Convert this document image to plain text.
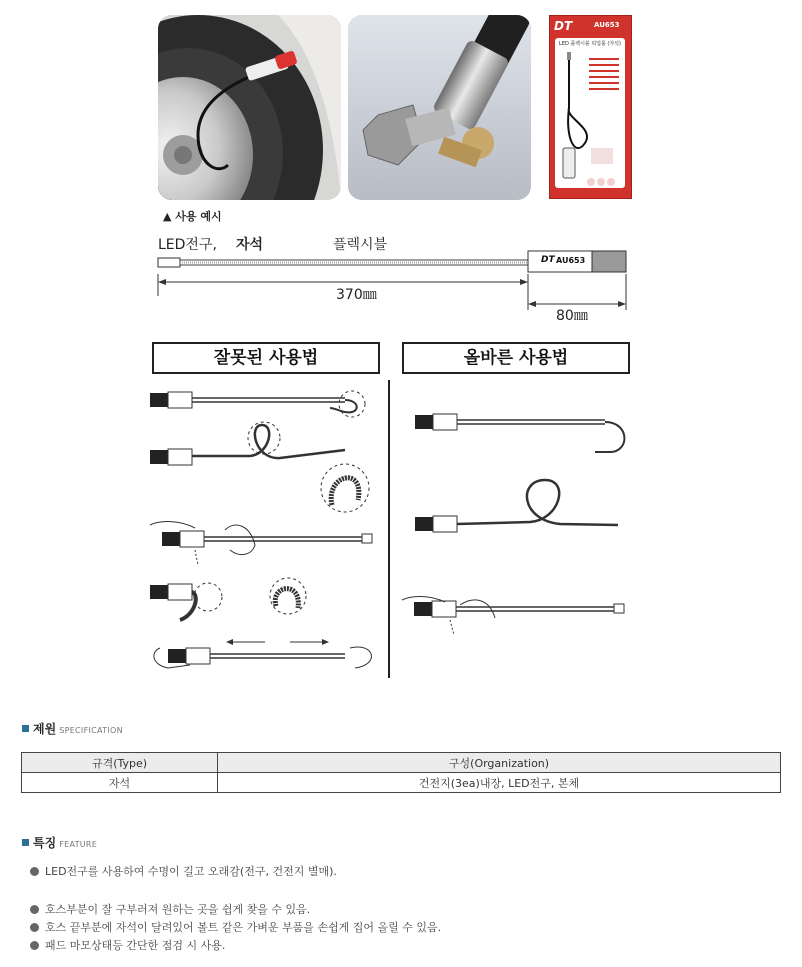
DT	AU653
LED 플렉시블 픽업툴 (자석)
▲ 사용 예시
LED전구, 자석	플렉시블
DT AU653
370㎜
80㎜
잘못된 사용법	올바른 사용법
제원 SPECIFICATION
규격(Type)	구성(Organization)
자석	건전지(3ea)내장, LED전구, 본체
특징 FEATURE
LED전구를 사용하여 수명이 길고 오래감(전구, 건전지 별매).
호스부분이 잘 구부러져 원하는 곳을 쉽게 찾을 수 있음.
호스 끝부분에 자석이 달려있어 볼트 같은 가벼운 부품을 손쉽게 집어 올릴 수 있음.
패드 마모상태등 간단한 점검 시 사용.
